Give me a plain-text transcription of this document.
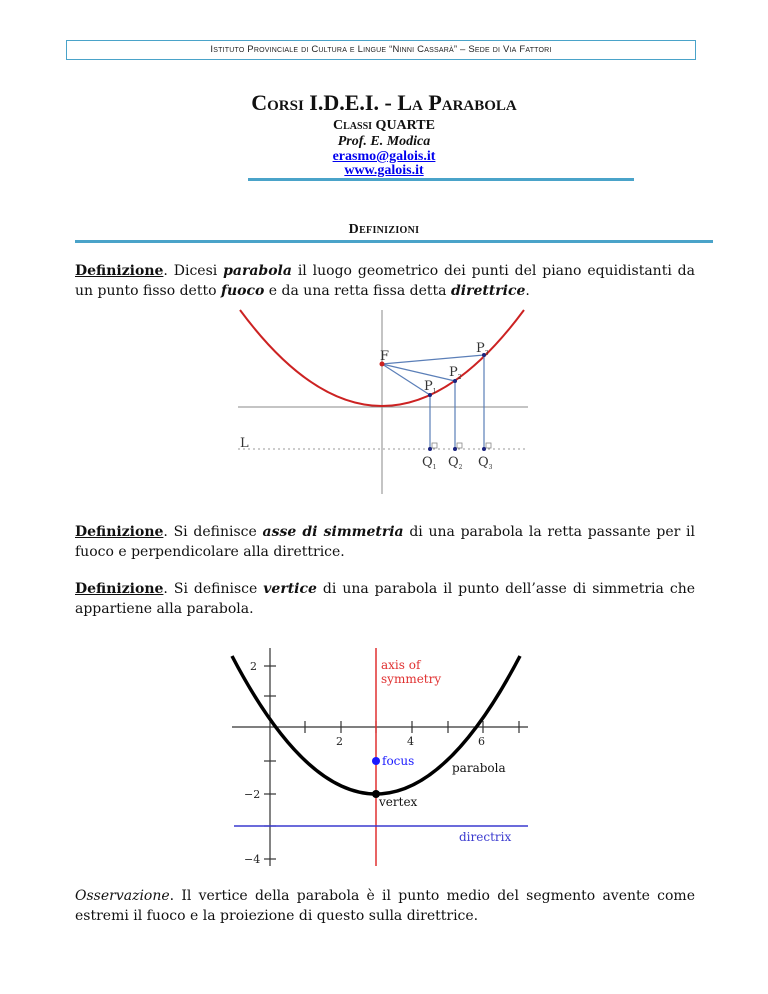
Istituto Provinciale di Cultura e Lingue “Ninni Cassarà” – Sede di Via Fattori
Corsi I.D.E.I. - La Parabola
Classi QUARTE
Prof. E. Modica
erasmo@galois.it
www.galois.it
Definizioni
Definizione. Dicesi parabola il luogo geometrico dei punti del piano equidistanti da un punto fisso detto fuoco e da una retta fissa detta direttrice.
F
L
$P_1$
$P_2$
$P_3$
$Q_1$ $Q_2$ $Q_3$
Definizione. Si definisce asse di simmetria di una parabola la retta passante per il fuoco e perpendicolare alla direttrice.
Definizione. Si definisce vertice di una parabola il punto dell’asse di simmetria che appartiene alla parabola.
2	4	6
2
−2
−4
axis of
symmetry
focus	parabola
vertex
directrix
Osservazione. Il vertice della parabola è il punto medio del segmento avente come estremi il fuoco e la proiezione di questo sulla direttrice.
